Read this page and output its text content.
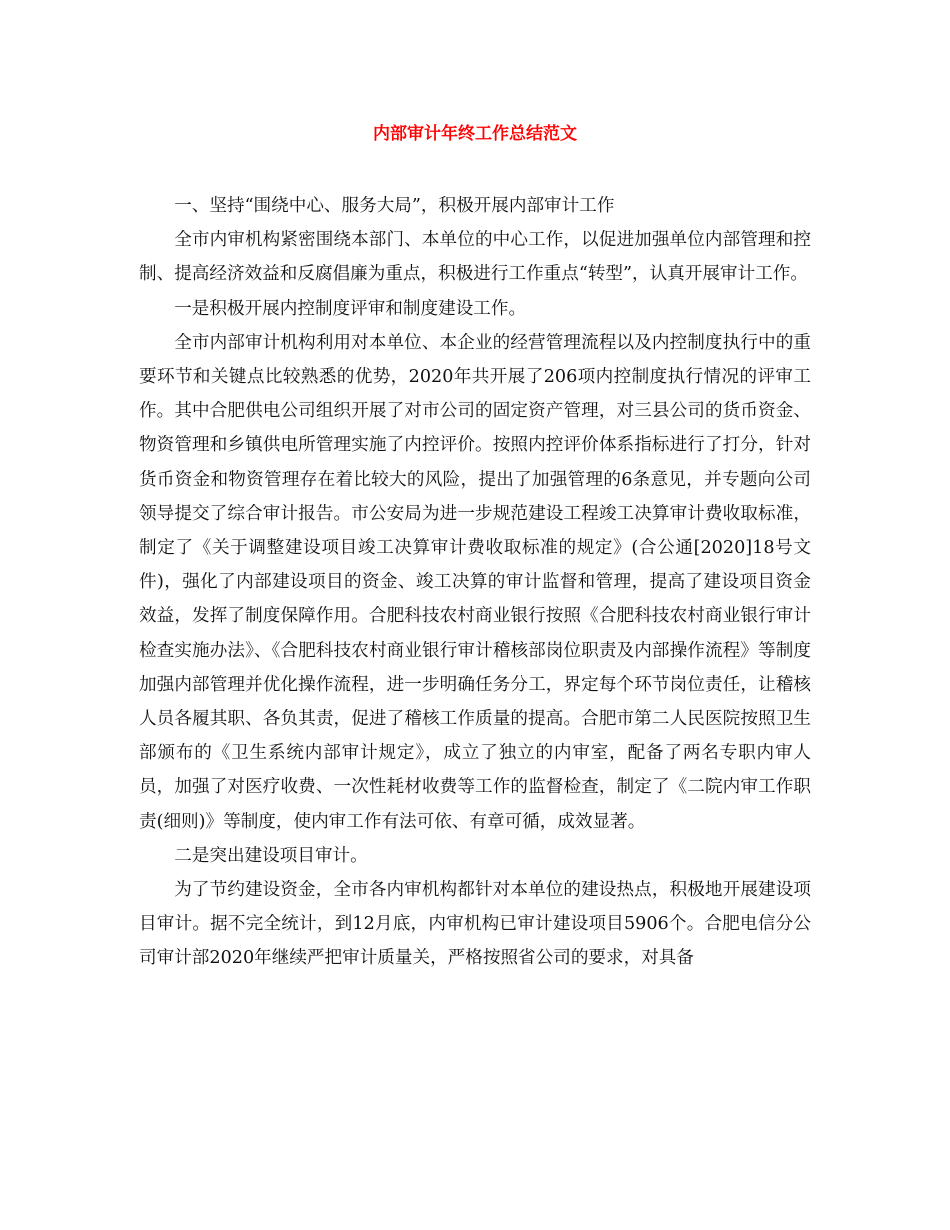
内部审计年终工作总结范文

一、坚持“围绕中心、服务大局”，积极开展内部审计工作

全市内审机构紧密围绕本部门、本单位的中心工作，以促进加强单位内部管理和控制、提高经济效益和反腐倡廉为重点，积极进行工作重点“转型”，认真开展审计工作。

一是积极开展内控制度评审和制度建设工作。

全市内部审计机构利用对本单位、本企业的经营管理流程以及内控制度执行中的重要环节和关键点比较熟悉的优势，2020年共开展了206项内控制度执行情况的评审工作。其中合肥供电公司组织开展了对市公司的固定资产管理，对三县公司的货币资金、物资管理和乡镇供电所管理实施了内控评价。按照内控评价体系指标进行了打分，针对货币资金和物资管理存在着比较大的风险，提出了加强管理的6条意见，并专题向公司领导提交了综合审计报告。市公安局为进一步规范建设工程竣工决算审计费收取标准，制定了《关于调整建设项目竣工决算审计费收取标准的规定》(合公通[2020]18号文件)，强化了内部建设项目的资金、竣工决算的审计监督和管理，提高了建设项目资金效益，发挥了制度保障作用。合肥科技农村商业银行按照《合肥科技农村商业银行审计检查实施办法》、《合肥科技农村商业银行审计稽核部岗位职责及内部操作流程》等制度加强内部管理并优化操作流程，进一步明确任务分工，界定每个环节岗位责任，让稽核人员各履其职、各负其责，促进了稽核工作质量的提高。合肥市第二人民医院按照卫生部颁布的《卫生系统内部审计规定》，成立了独立的内审室，配备了两名专职内审人员，加强了对医疗收费、一次性耗材收费等工作的监督检查，制定了《二院内审工作职责(细则)》等制度，使内审工作有法可依、有章可循，成效显著。

二是突出建设项目审计。

为了节约建设资金，全市各内审机构都针对本单位的建设热点，积极地开展建设项目审计。据不完全统计，到12月底，内审机构已审计建设项目5906个。合肥电信分公司审计部2020年继续严把审计质量关，严格按照省公司的要求，对具备
